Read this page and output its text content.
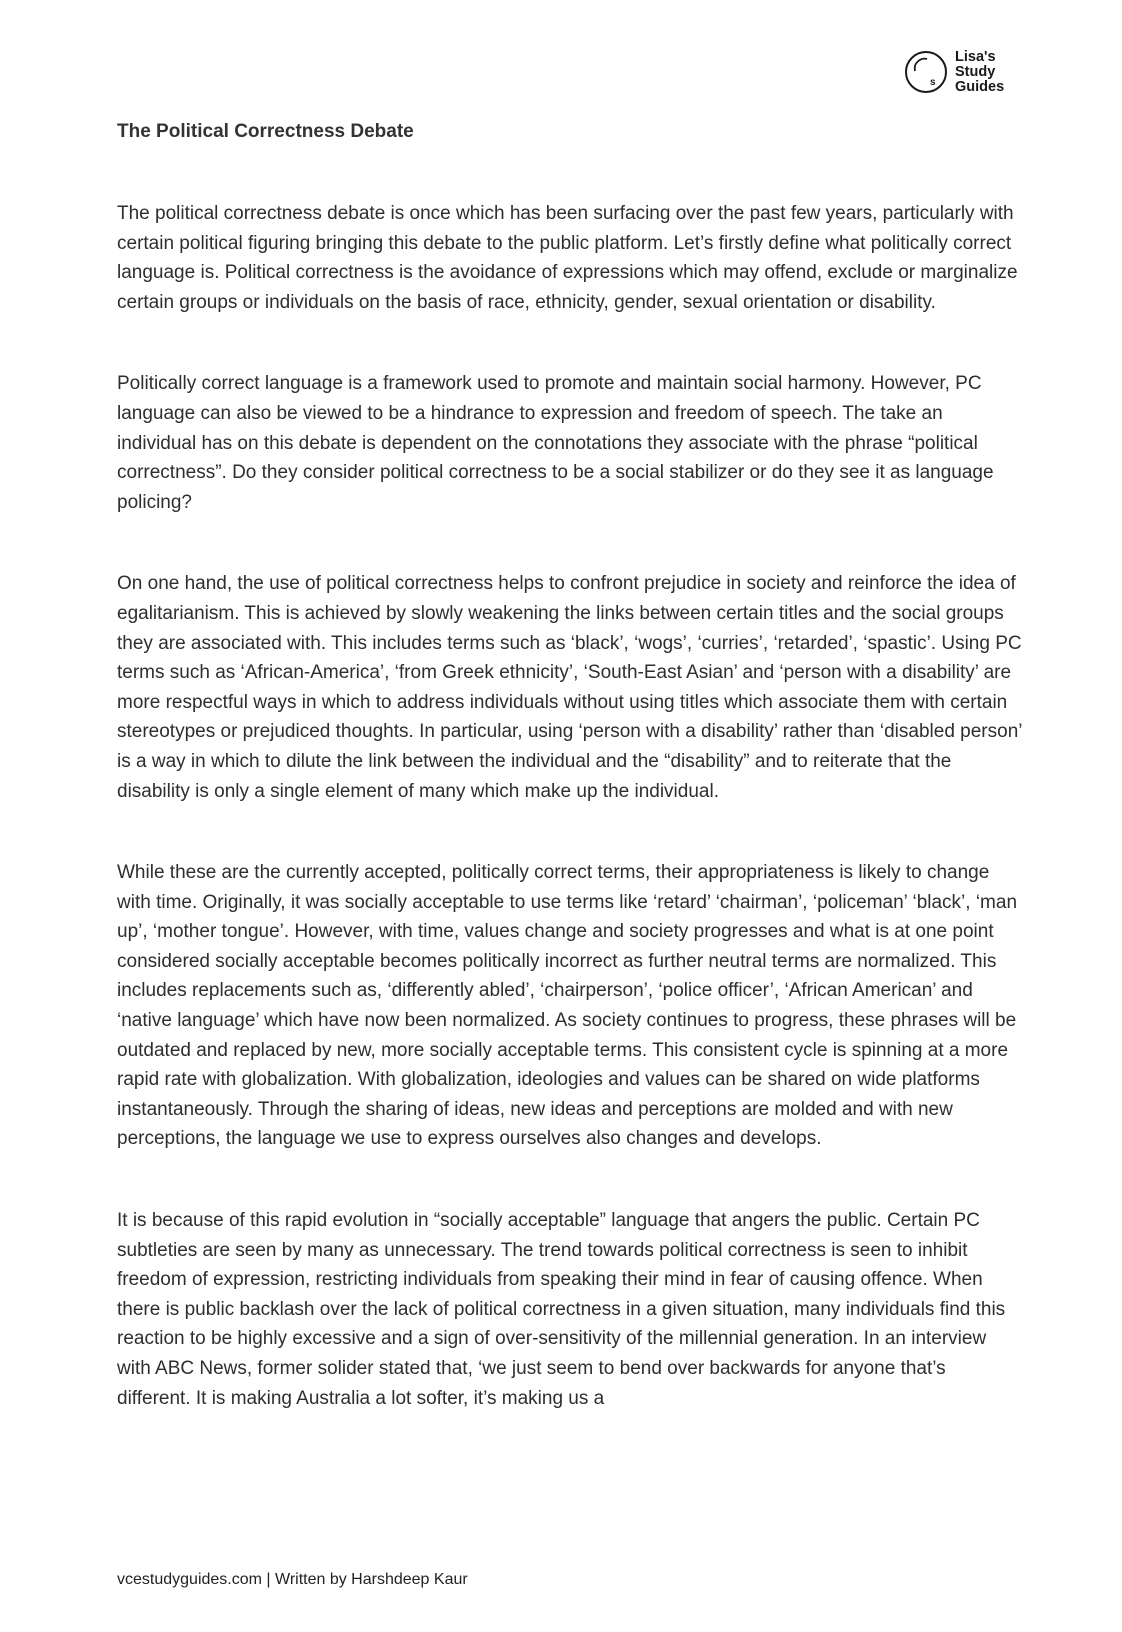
s
Lisa's
Study
Guides
The Political Correctness Debate

The political correctness debate is once which has been surfacing over the past few years, particularly with certain political figuring bringing this debate to the public platform. Let’s firstly define what politically correct language is. Political correctness is the avoidance of expressions which may offend, exclude or marginalize certain groups or individuals on the basis of race, ethnicity, gender, sexual orientation or disability.

Politically correct language is a framework used to promote and maintain social harmony. However, PC language can also be viewed to be a hindrance to expression and freedom of speech. The take an individual has on this debate is dependent on the connotations they associate with the phrase “political correctness”. Do they consider political correctness to be a social stabilizer or do they see it as language policing?

On one hand, the use of political correctness helps to confront prejudice in society and reinforce the idea of egalitarianism. This is achieved by slowly weakening the links between certain titles and the social groups they are associated with. This includes terms such as ‘black’, ‘wogs’, ‘curries’, ‘retarded’, ‘spastic’. Using PC terms such as ‘African-America’, ‘from Greek ethnicity’, ‘South-East Asian’ and ‘person with a disability’ are more respectful ways in which to address individuals without using titles which associate them with certain stereotypes or prejudiced thoughts. In particular, using ‘person with a disability’ rather than ‘disabled person’ is a way in which to dilute the link between the individual and the “disability” and to reiterate that the disability is only a single element of many which make up the individual.

While these are the currently accepted, politically correct terms, their appropriateness is likely to change with time. Originally, it was socially acceptable to use terms like ‘retard’ ‘chairman’, ‘policeman’ ‘black’, ‘man up’, ‘mother tongue’. However, with time, values change and society progresses and what is at one point considered socially acceptable becomes politically incorrect as further neutral terms are normalized. This includes replacements such as, ‘differently abled’, ‘chairperson’, ‘police officer’, ‘African American’ and ‘native language’ which have now been normalized. As society continues to progress, these phrases will be outdated and replaced by new, more socially acceptable terms. This consistent cycle is spinning at a more rapid rate with globalization. With globalization, ideologies and values can be shared on wide platforms instantaneously. Through the sharing of ideas, new ideas and perceptions are molded and with new perceptions, the language we use to express ourselves also changes and develops.

It is because of this rapid evolution in “socially acceptable” language that angers the public. Certain PC subtleties are seen by many as unnecessary. The trend towards political correctness is seen to inhibit freedom of expression, restricting individuals from speaking their mind in fear of causing offence. When there is public backlash over the lack of political correctness in a given situation, many individuals find this reaction to be highly excessive and a sign of over-sensitivity of the millennial generation. In an interview with ABC News, former solider stated that, ‘we just seem to bend over backwards for anyone that’s different. It is making Australia a lot softer, it’s making us a

vcestudyguides.com | Written by Harshdeep Kaur
